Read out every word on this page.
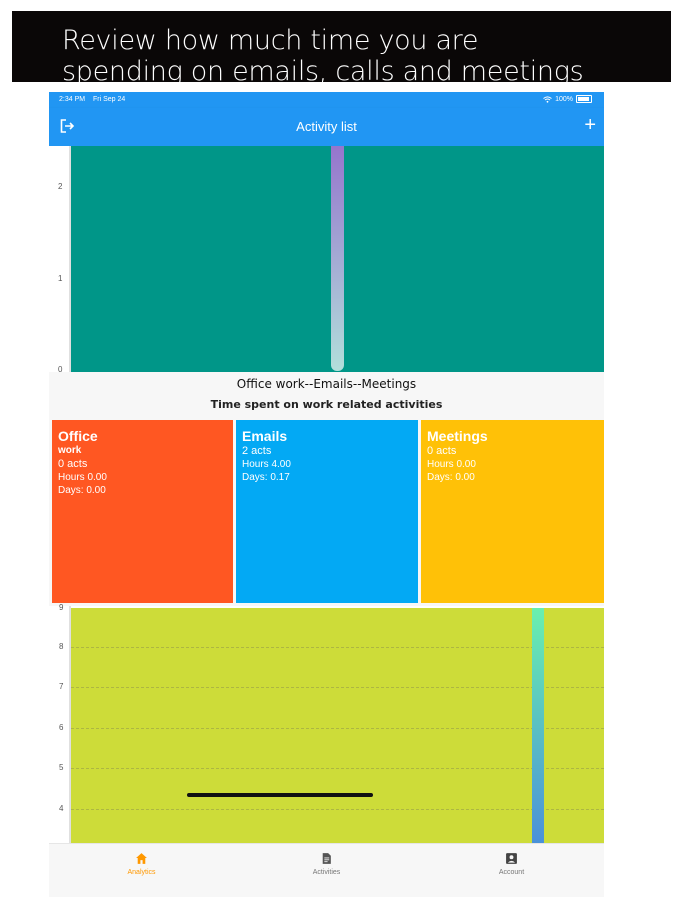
Review how much time you are
spending on emails, calls and meetings
2:34 PM Fri Sep 24	100%
Activity list	+
2
1
0
Office work--Emails--Meetings
Time spent on work related activities
Office
work
0 acts
Hours 0.00
Days: 0.00
Emails
2 acts
Hours 4.00
Days: 0.17
Meetings
0 acts
Hours 0.00
Days: 0.00
9
8
7
6
5
4
Analytics	Activities	Account
